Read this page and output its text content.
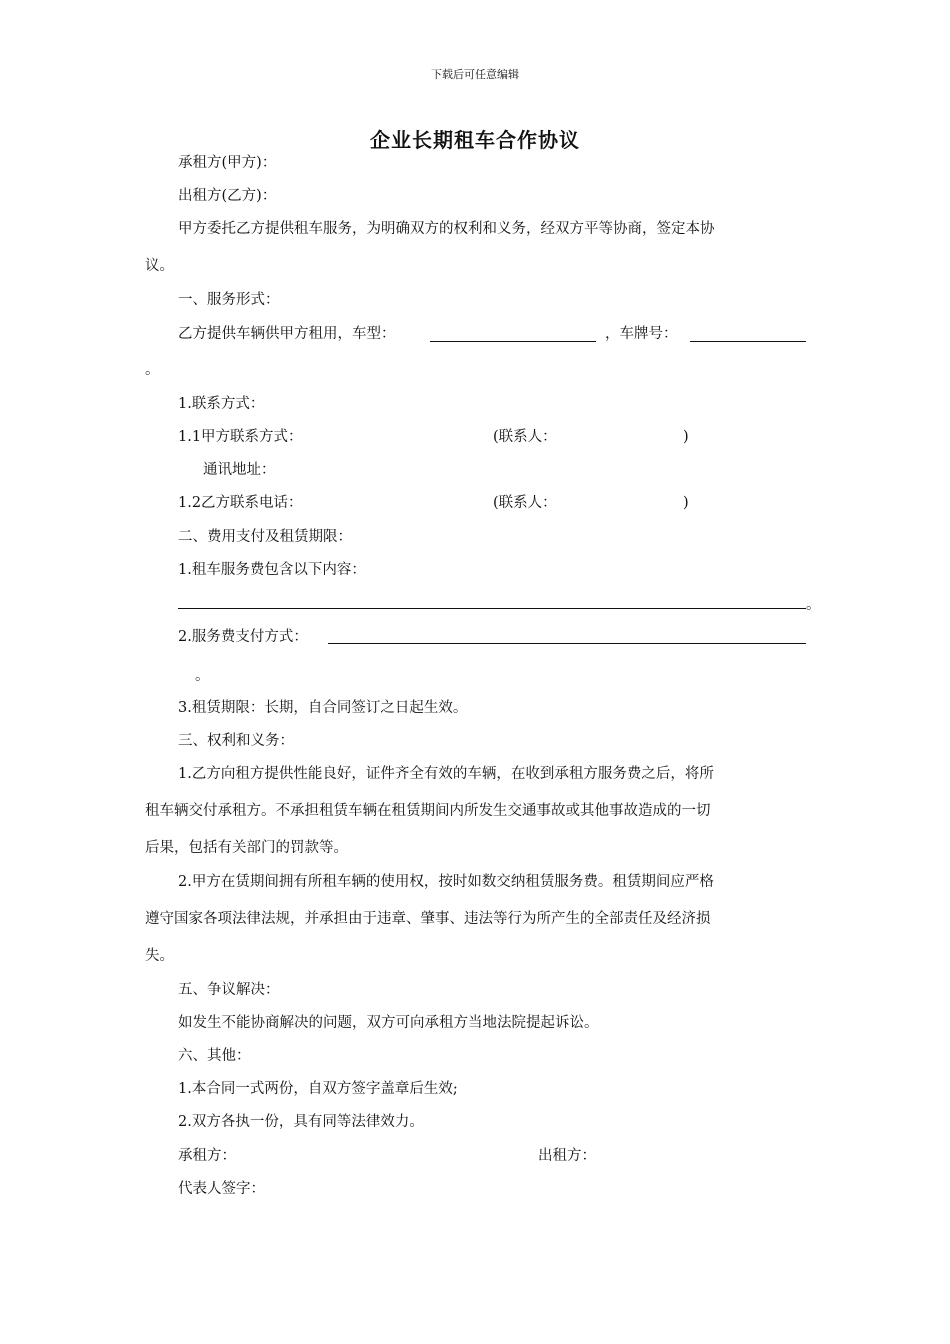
下载后可任意编辑
企业长期租车合作协议
承租方(甲方)：
出租方(乙方)：
甲方委托乙方提供租车服务，为明确双方的权利和义务，经双方平等协商，签定本协
议。
一、服务形式：
乙方提供车辆供甲方租用，车型：	，车牌号：
。
1.联系方式：
1.1甲方联系方式：	(联系人：	)
通讯地址：
1.2乙方联系电话：	(联系人：	)
二、费用支付及租赁期限：
1.租车服务费包含以下内容：
。
2.服务费支付方式：
。
3.租赁期限：长期，自合同签订之日起生效。
三、权利和义务：
1.乙方向租方提供性能良好，证件齐全有效的车辆，在收到承租方服务费之后，将所
租车辆交付承租方。不承担租赁车辆在租赁期间内所发生交通事故或其他事故造成的一切
后果，包括有关部门的罚款等。
2.甲方在赁期间拥有所租车辆的使用权，按时如数交纳租赁服务费。租赁期间应严格
遵守国家各项法律法规，并承担由于违章、肇事、违法等行为所产生的全部责任及经济损
失。
五、争议解决：
如发生不能协商解决的问题，双方可向承租方当地法院提起诉讼。
六、其他：
1.本合同一式两份，自双方签字盖章后生效;
2.双方各执一份，具有同等法律效力。
承租方：	出租方：
代表人签字：
